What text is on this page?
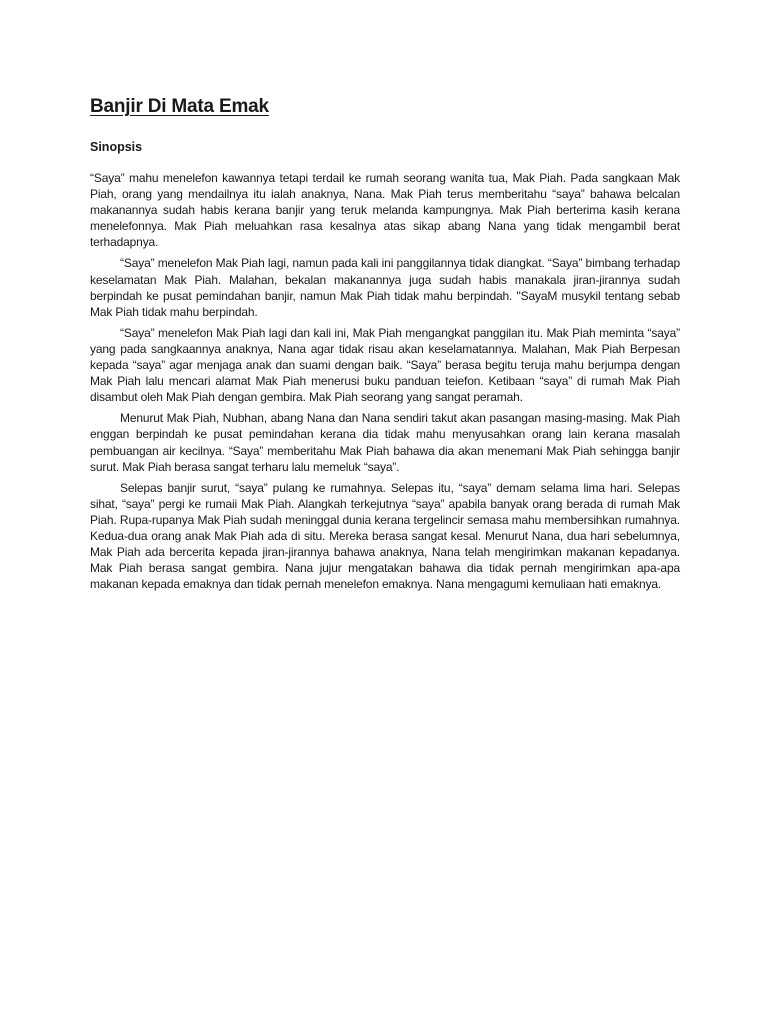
Banjir Di Mata Emak
Sinopsis

“Saya” mahu menelefon kawannya tetapi terdail ke rumah seorang wanita tua, Mak Piah. Pada sangkaan Mak Piah, orang yang mendailnya itu ialah anaknya, Nana. Mak Piah terus memberitahu “saya” bahawa belcalan makanannya sudah habis kerana banjir yang teruk melanda kampungnya. Mak Piah berterima kasih kerana menelefonnya. Mak Piah meluahkan rasa kesalnya atas sikap abang Nana yang tidak mengambil berat terhadapnya.

“Saya” menelefon Mak Piah lagi, namun pada kali ini panggilannya tidak diangkat. “Saya” bimbang terhadap keselamatan Mak Piah. Malahan, bekalan makanannya juga sudah habis manakala jiran-jirannya sudah berpindah ke pusat pemindahan banjir, namun Mak Piah tidak mahu berpindah. "SayaM musykil tentang sebab Mak Piah tidak mahu berpindah.

“Saya” menelefon Mak Piah lagi dan kali ini, Mak Piah mengangkat panggilan itu. Mak Piah meminta “saya” yang pada sangkaannya anaknya, Nana agar tidak risau akan keselamatannya. Malahan, Mak Piah Berpesan kepada “saya” agar menjaga anak dan suami dengan baik. “Saya” berasa begitu teruja mahu berjumpa dengan Mak Piah lalu mencari alamat Mak Piah menerusi buku panduan teiefon. Ketibaan “saya” di rumah Mak Piah disambut oleh Mak Piah dengan gembira. Mak Piah seorang yang sangat peramah.

Menurut Mak Piah, Nubhan, abang Nana dan Nana sendiri takut akan pasangan masing-masing. Mak Piah enggan berpindah ke pusat pemindahan kerana dia tidak mahu menyusahkan orang lain kerana masalah pembuangan air kecilnya. “Saya” memberitahu Mak Piah bahawa dia akan menemani Mak Piah sehingga banjir surut. Mak Piah berasa sangat terharu lalu memeluk “saya”.

Selepas banjir surut, “saya” pulang ke rumahnya. Selepas itu, “saya” demam selama lima hari. Selepas sihat, “saya” pergi ke rumaii Mak Piah. Alangkah terkejutnya “saya” apabila banyak orang berada di rumah Mak Piah. Rupa-rupanya Mak Piah sudah meninggal dunia kerana tergelincir semasa mahu membersihkan rumahnya. Kedua-dua orang anak Mak Piah ada di situ. Mereka berasa sangat kesal. Menurut Nana, dua hari sebelumnya, Mak Piah ada bercerita kepada jiran-jirannya bahawa anaknya, Nana telah mengirimkan makanan kepadanya. Mak Piah berasa sangat gembira. Nana jujur mengatakan bahawa dia tidak pernah mengirimkan apa-apa makanan kepada emaknya dan tidak pernah menelefon emaknya. Nana mengagumi kemuliaan hati emaknya.
